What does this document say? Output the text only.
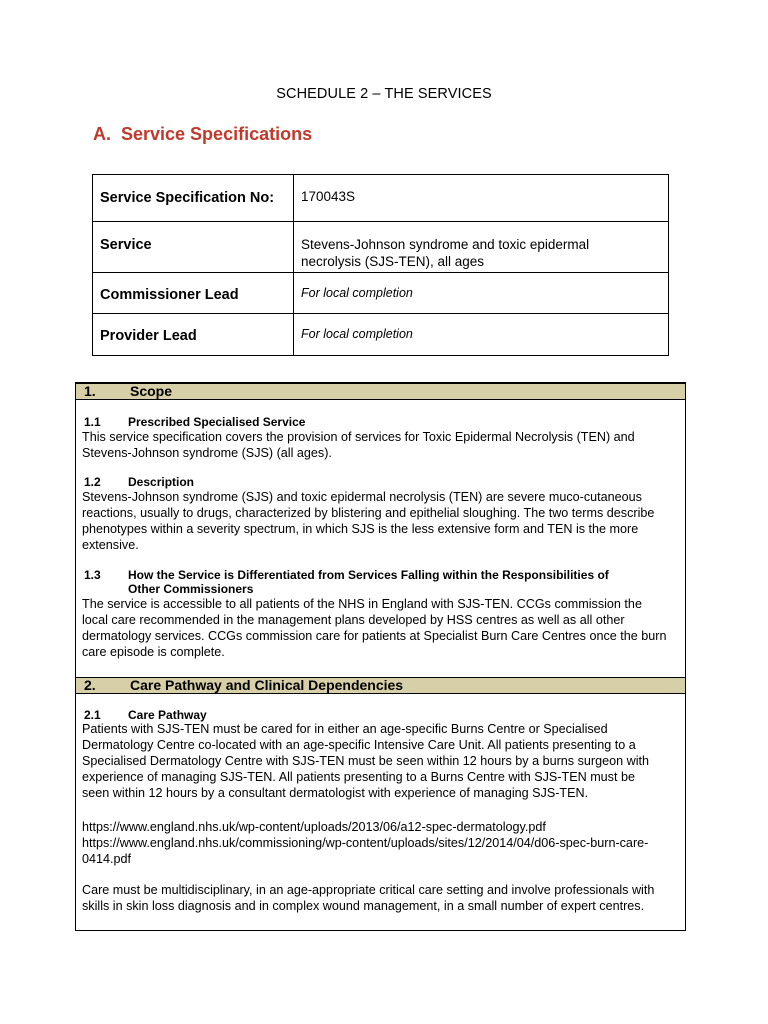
SCHEDULE 2 – THE SERVICES
A. Service Specifications
Service Specification No:	170043S

Service	Stevens-Johnson syndrome and toxic epidermal
necrolysis (SJS-TEN), all ages

Commissioner Lead	For local completion

Provider Lead	For local completion
1. Scope
1.1 Prescribed Specialised Service
This service specification covers the provision of services for Toxic Epidermal Necrolysis (TEN) and
Stevens-Johnson syndrome (SJS) (all ages).
1.2 Description
Stevens-Johnson syndrome (SJS) and toxic epidermal necrolysis (TEN) are severe muco-cutaneous
reactions, usually to drugs, characterized by blistering and epithelial sloughing. The two terms describe
phenotypes within a severity spectrum, in which SJS is the less extensive form and TEN is the more
extensive.
1.3 How the Service is Differentiated from Services Falling within the Responsibilities of
Other Commissioners
The service is accessible to all patients of the NHS in England with SJS-TEN. CCGs commission the
local care recommended in the management plans developed by HSS centres as well as all other
dermatology services. CCGs commission care for patients at Specialist Burn Care Centres once the burn
care episode is complete.
2. Care Pathway and Clinical Dependencies
2.1 Care Pathway
Patients with SJS-TEN must be cared for in either an age-specific Burns Centre or Specialised
Dermatology Centre co-located with an age-specific Intensive Care Unit. All patients presenting to a
Specialised Dermatology Centre with SJS-TEN must be seen within 12 hours by a burns surgeon with
experience of managing SJS-TEN. All patients presenting to a Burns Centre with SJS-TEN must be
seen within 12 hours by a consultant dermatologist with experience of managing SJS-TEN.
https://www.england.nhs.uk/wp-content/uploads/2013/06/a12-spec-dermatology.pdf
https://www.england.nhs.uk/commissioning/wp-content/uploads/sites/12/2014/04/d06-spec-burn-care-
0414.pdf
Care must be multidisciplinary, in an age-appropriate critical care setting and involve professionals with
skills in skin loss diagnosis and in complex wound management, in a small number of expert centres.
